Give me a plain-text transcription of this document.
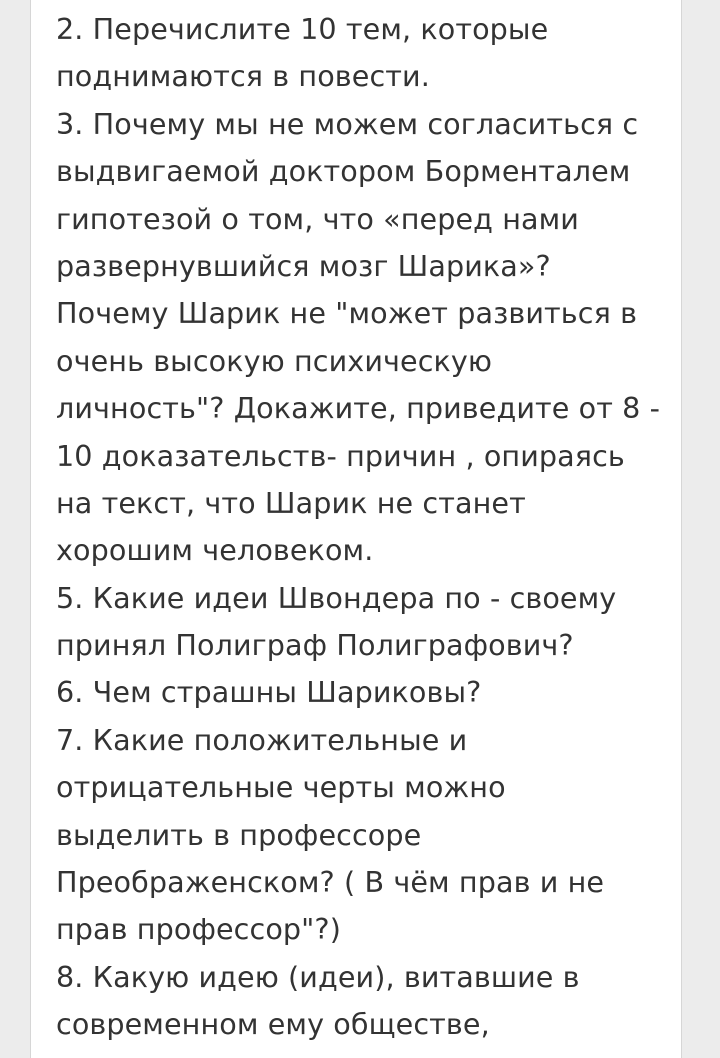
2. Перечислите 10 тем, которые
поднимаются в повести.
3. Почему мы не можем согласиться с
выдвигаемой доктором Борменталем
гипотезой о том, что «перед нами
развернувшийся мозг Шарика»?
Почему Шарик не "может развиться в
очень высокую психическую
личность"? Докажите, приведите от 8 -
10 доказательств- причин , опираясь
на текст, что Шарик не станет
хорошим человеком.
5. Какие идеи Швондера по - своему
принял Полиграф Полиграфович?
6. Чем страшны Шариковы?
7. Какие положительные и
отрицательные черты можно
выделить в профессоре
Преображенском? ( В чём прав и не
прав профессор"?)
8. Какую идею (идеи), витавшие в
современном ему обществе,
